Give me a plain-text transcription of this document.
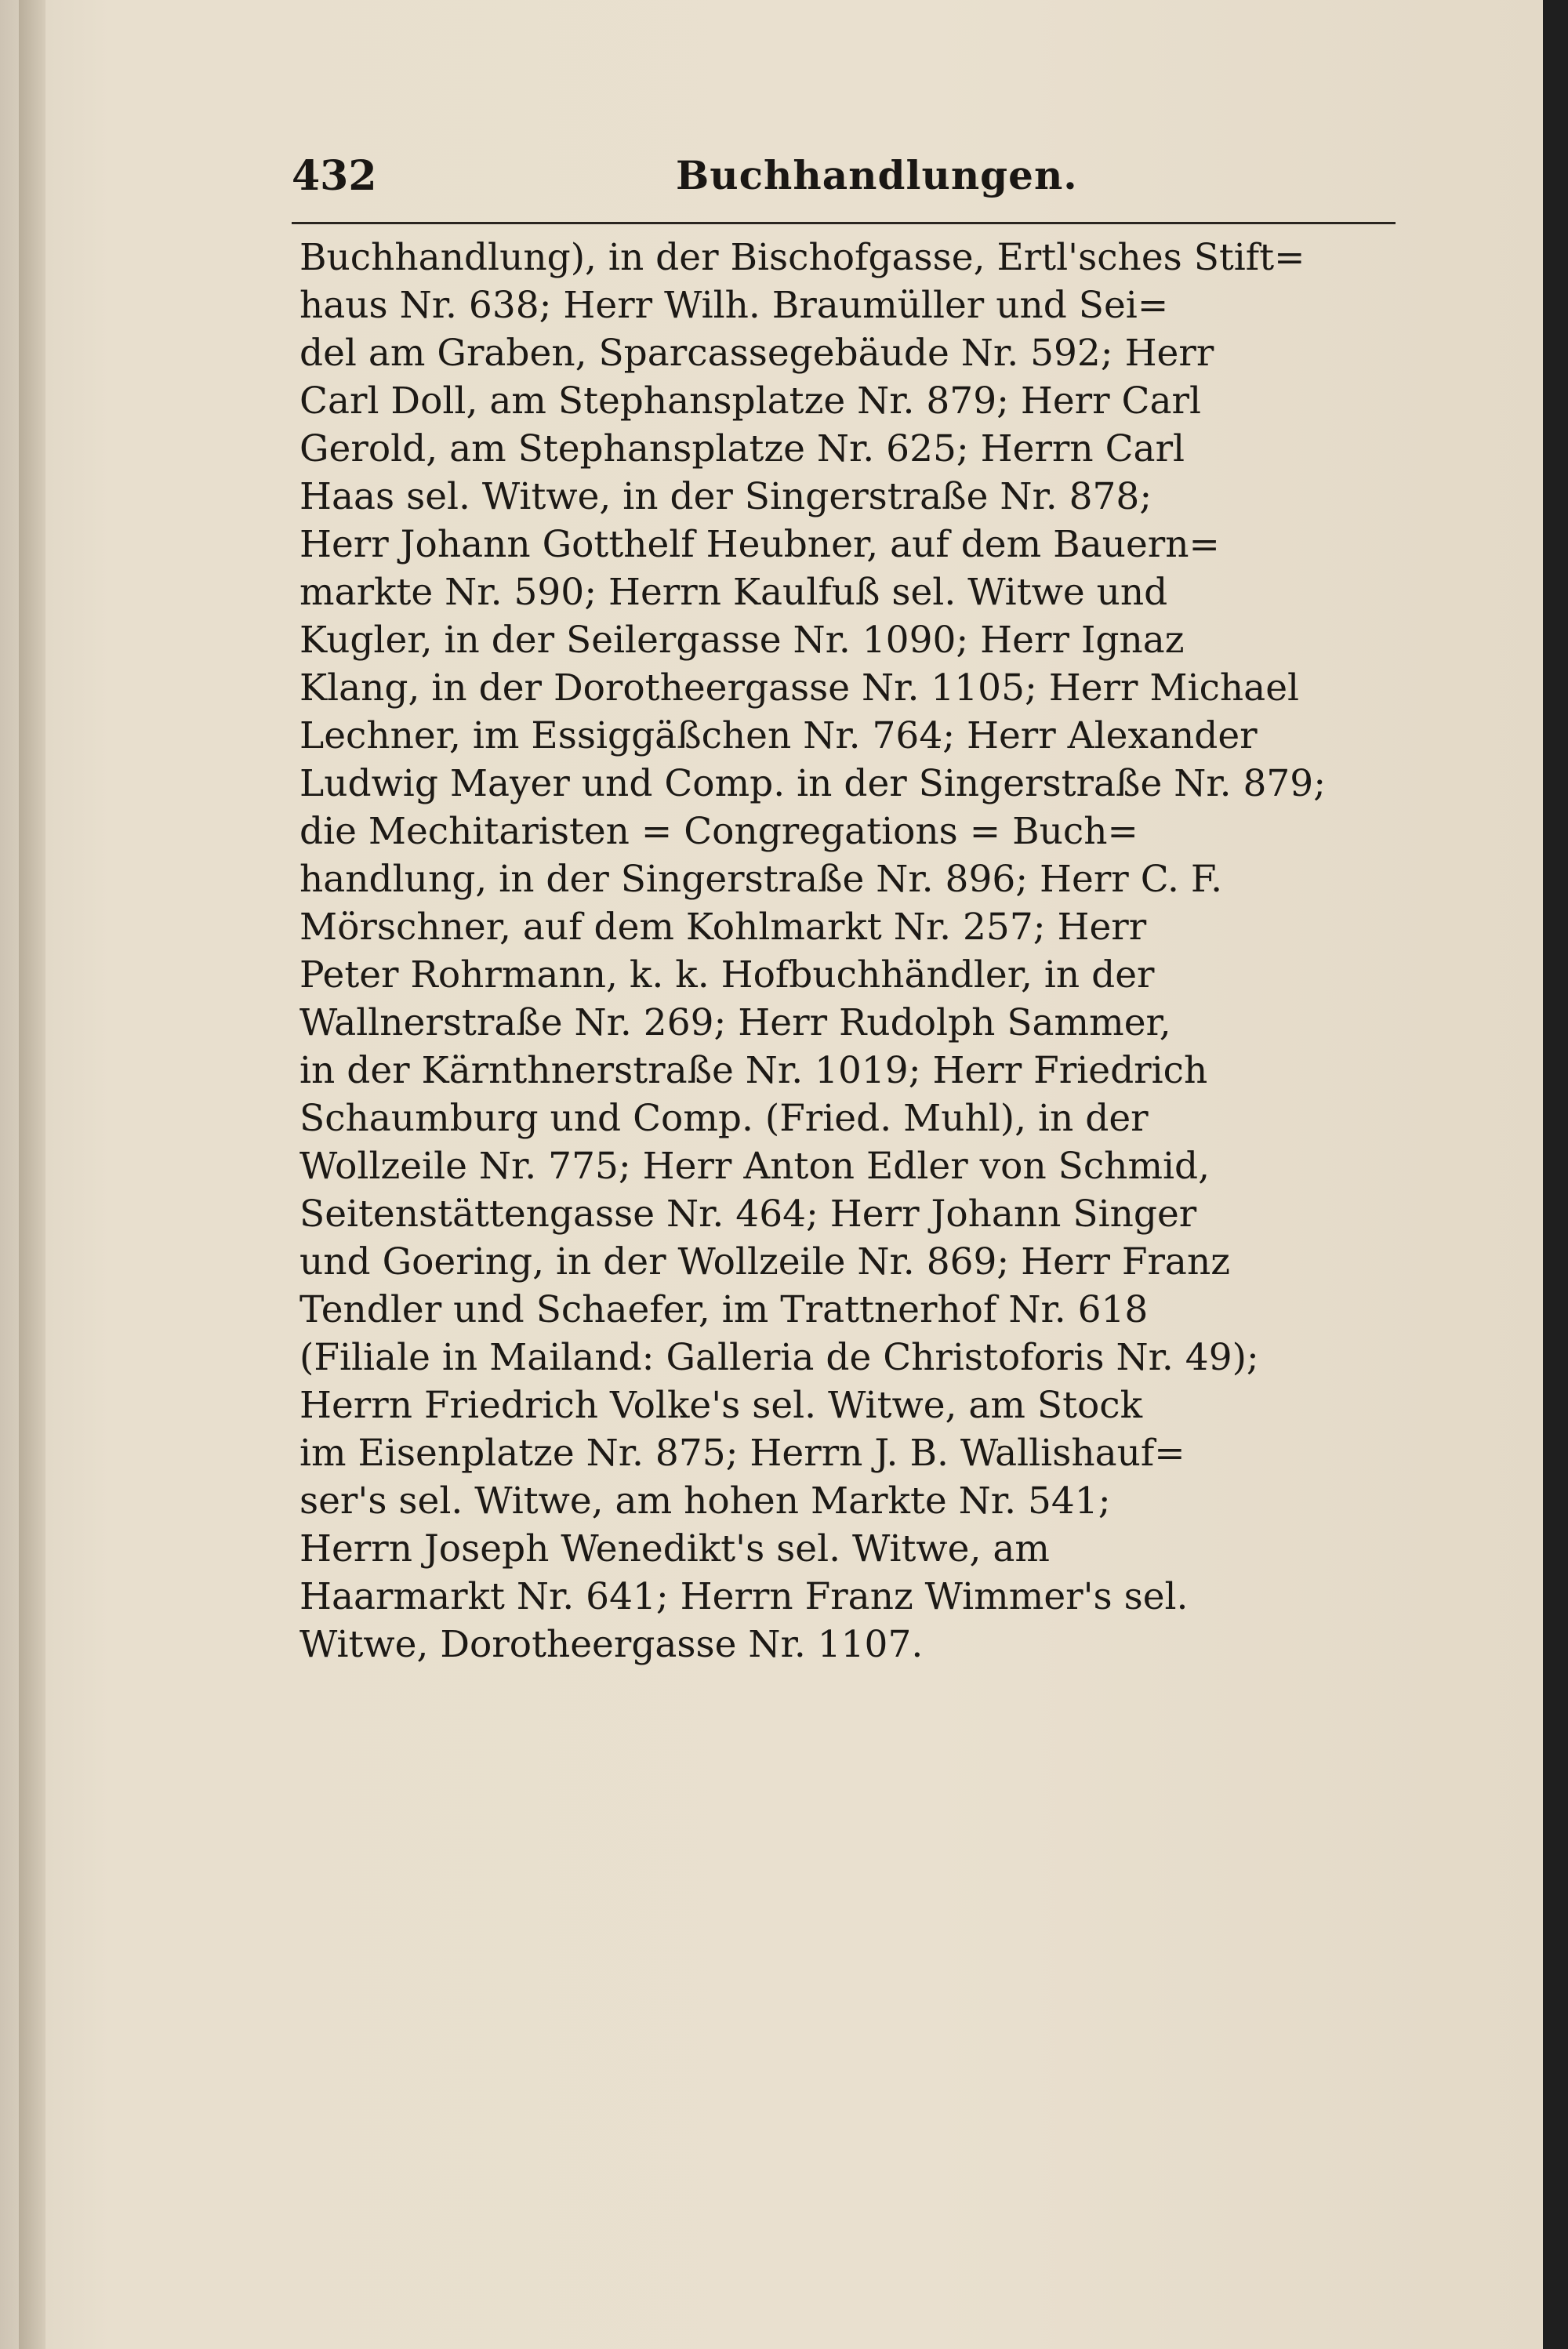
432	Buchhandlungen.
Buchhandlung), in der Bischofgasse, Ertl'sches Stift=
haus Nr. 638; Herr Wilh. Braumüller und Sei=
del am Graben, Sparcassegebäude Nr. 592; Herr
Carl Doll, am Stephansplatze Nr. 879; Herr Carl
Gerold, am Stephansplatze Nr. 625; Herrn Carl
Haas sel. Witwe, in der Singerstraße Nr. 878;
Herr Johann Gotthelf Heubner, auf dem Bauern=
markte Nr. 590; Herrn Kaulfuß sel. Witwe und
Kugler, in der Seilergasse Nr. 1090; Herr Ignaz
Klang, in der Dorotheergasse Nr. 1105; Herr Michael
Lechner, im Essiggäßchen Nr. 764; Herr Alexander
Ludwig Mayer und Comp. in der Singerstraße Nr. 879;
die Mechitaristen = Congregations = Buch=
handlung, in der Singerstraße Nr. 896; Herr C. F.
Mörschner, auf dem Kohlmarkt Nr. 257; Herr
Peter Rohrmann, k. k. Hofbuchhändler, in der
Wallnerstraße Nr. 269; Herr Rudolph Sammer,
in der Kärnthnerstraße Nr. 1019; Herr Friedrich
Schaumburg und Comp. (Fried. Muhl), in der
Wollzeile Nr. 775; Herr Anton Edler von Schmid,
Seitenstättengasse Nr. 464; Herr Johann Singer
und Goering, in der Wollzeile Nr. 869; Herr Franz
Tendler und Schaefer, im Trattnerhof Nr. 618
(Filiale in Mailand: Galleria de Christoforis Nr. 49);
Herrn Friedrich Volke's sel. Witwe, am Stock
im Eisenplatze Nr. 875; Herrn J. B. Wallishauf=
ser's sel. Witwe, am hohen Markte Nr. 541;
Herrn Joseph Wenedikt's sel. Witwe, am
Haarmarkt Nr. 641; Herrn Franz Wimmer's sel.
Witwe, Dorotheergasse Nr. 1107.
